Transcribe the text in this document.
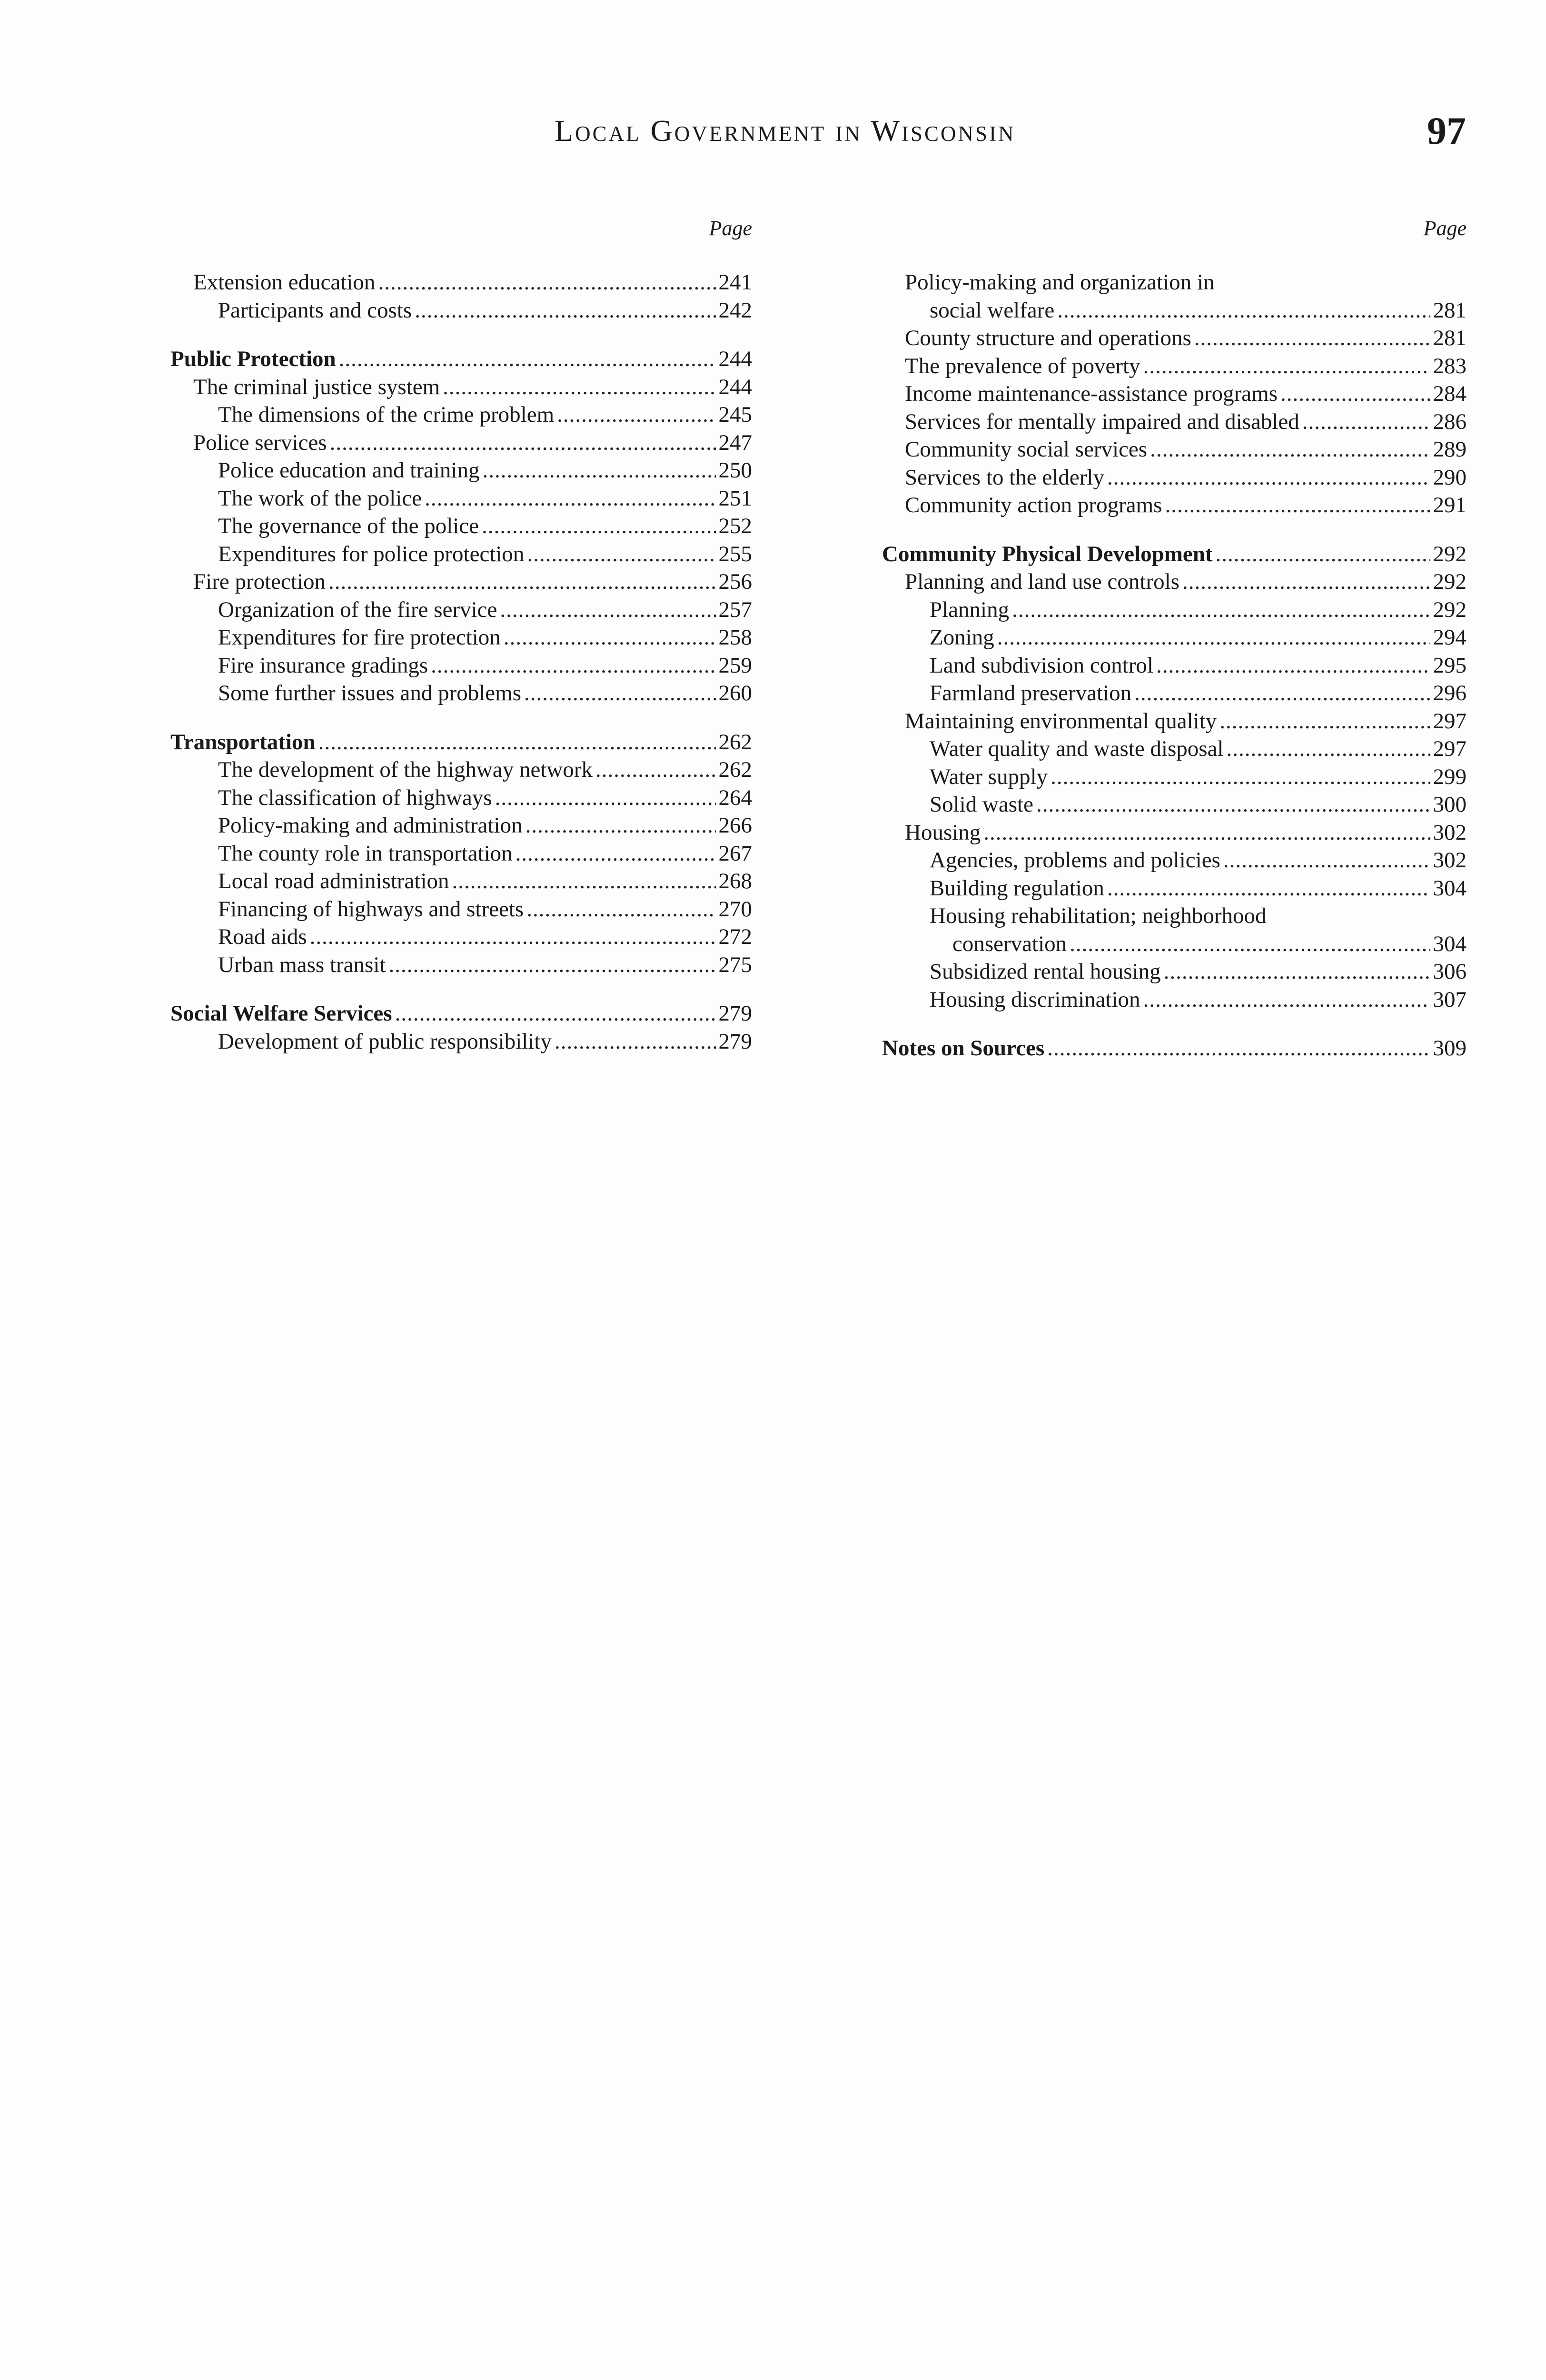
Local Government in Wisconsin	97
Page
Extension education .....	241
Participants and costs .....	242
Public Protection .....	244
The criminal justice system .....	244
The dimensions of the crime problem .....	245
Police services .....	247
Police education and training .....	250
The work of the police .....	251
The governance of the police .....	252
Expenditures for police protection .....	255
Fire protection .....	256
Organization of the fire service .....	257
Expenditures for fire protection .....	258
Fire insurance gradings .....	259
Some further issues and problems .....	260
Transportation .....	262
The development of the highway network .....	262
The classification of highways .....	264
Policy-making and administration .....	266
The county role in transportation .....	267
Local road administration .....	268
Financing of highways and streets .....	270
Road aids .....	272
Urban mass transit .....	275
Social Welfare Services .....	279
Development of public responsibility .....	279
Page
Policy-making and organization in
social welfare .....	281
County structure and operations .....	281
The prevalence of poverty .....	283
Income maintenance-assistance programs .....	284
Services for mentally impaired and disabled .....	286
Community social services .....	289
Services to the elderly .....	290
Community action programs .....	291
Community Physical Development .....	292
Planning and land use controls .....	292
Planning .....	292
Zoning .....	294
Land subdivision control .....	295
Farmland preservation .....	296
Maintaining environmental quality .....	297
Water quality and waste disposal .....	297
Water supply .....	299
Solid waste .....	300
Housing .....	302
Agencies, problems and policies .....	302
Building regulation .....	304
Housing rehabilitation; neighborhood
conservation .....	304
Subsidized rental housing .....	306
Housing discrimination .....	307
Notes on Sources .....	309
